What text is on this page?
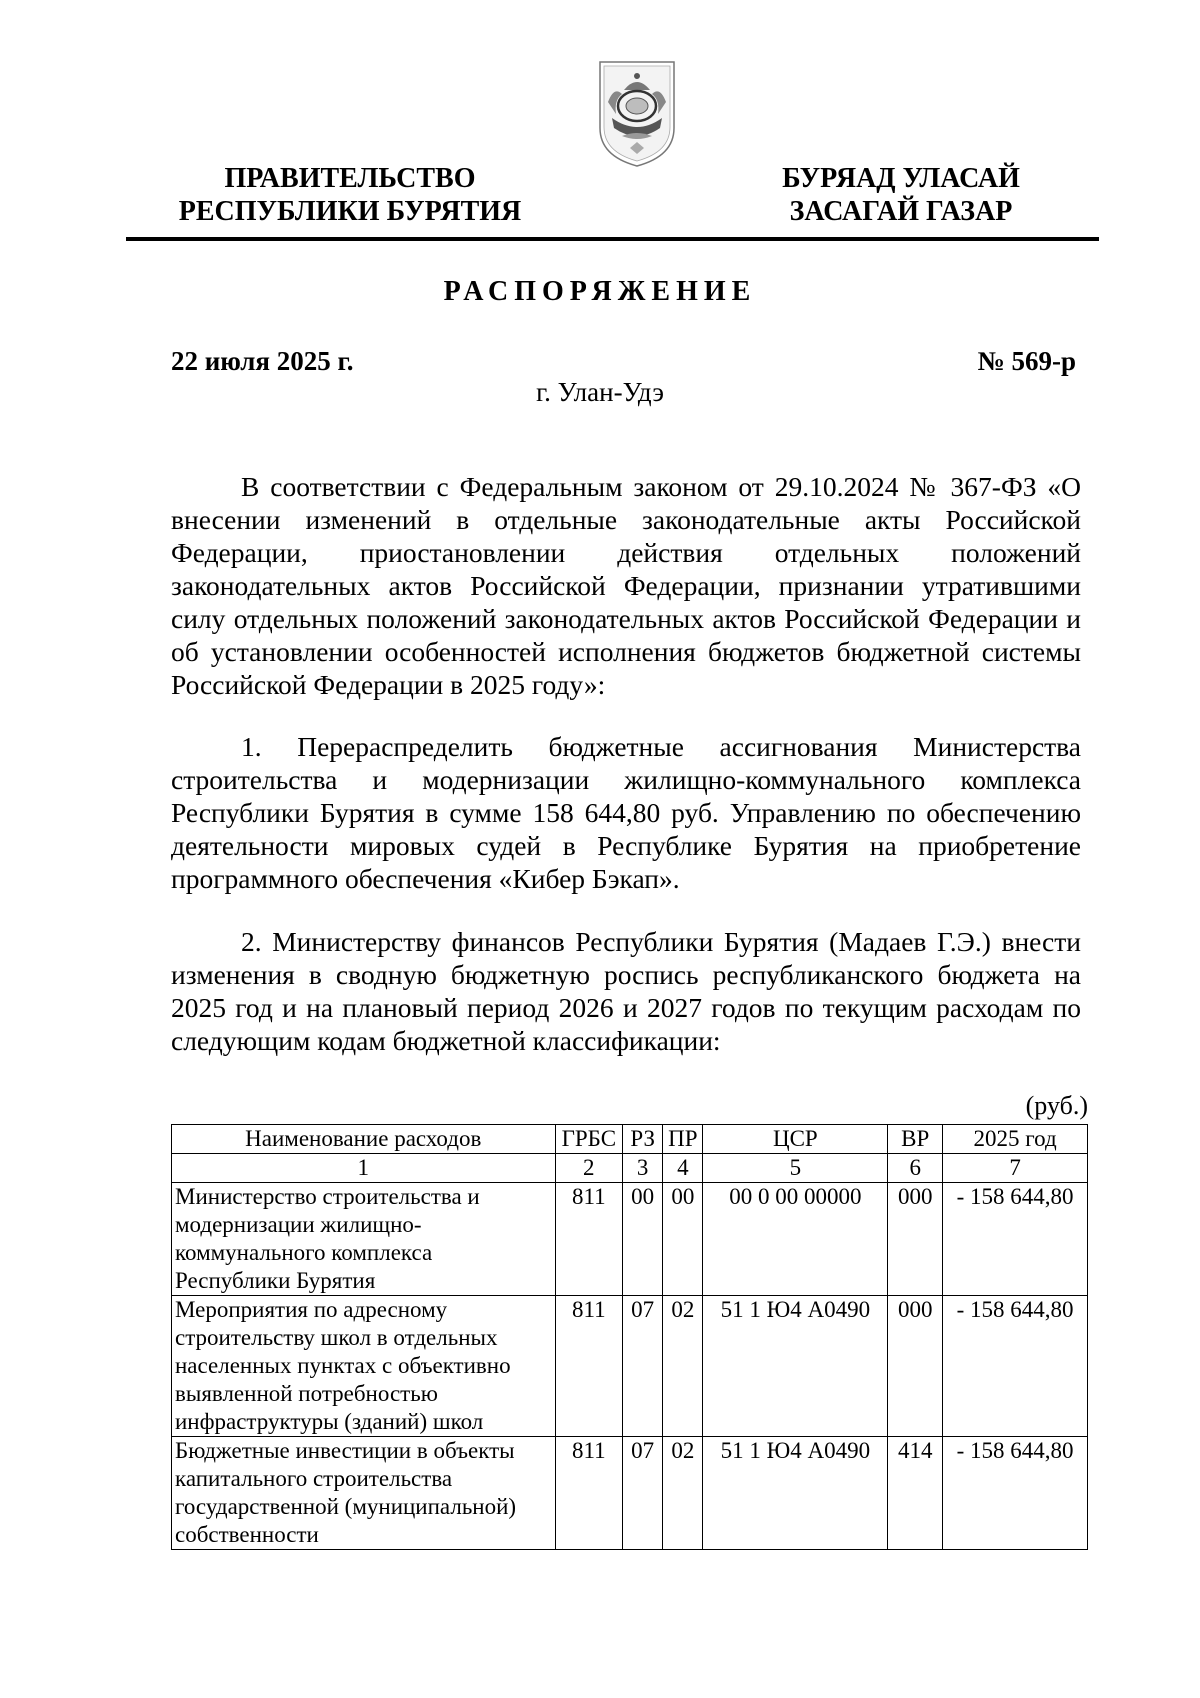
ПРАВИТЕЛЬСТВО
РЕСПУБЛИКИ БУРЯТИЯ
БУРЯАД УЛАСАЙ
ЗАСАГАЙ ГАЗАР
РАСПОРЯЖЕНИЕ
22 июля 2025 г.	№ 569-р
г. Улан-Удэ

В соответствии с Федеральным законом от 29.10.2024 № 367-ФЗ «О внесении изменений в отдельные законодательные акты Российской Федерации, приостановлении действия отдельных положений законодательных актов Российской Федерации, признании утратившими силу отдельных положений законодательных актов Российской Федерации и об установлении особенностей исполнения бюджетов бюджетной системы Российской Федерации в 2025 году»:

1. Перераспределить бюджетные ассигнования Министерства строительства и модернизации жилищно-коммунального комплекса Республики Бурятия в сумме 158 644,80 руб. Управлению по обеспечению деятельности мировых судей в Республике Бурятия на приобретение программного обеспечения «Кибер Бэкап».

2. Министерству финансов Республики Бурятия (Мадаев Г.Э.) внести изменения в сводную бюджетную роспись республиканского бюджета на 2025 год и на плановый период 2026 и 2027 годов по текущим расходам по следующим кодам бюджетной классификации:

(руб.)
Наименование расходов	ГРБС	РЗ	ПР	ЦСР	ВР	2025 год
1	2	3	4	5	6	7
Министерство строительства и модернизации жилищно-коммунального комплекса Республики Бурятия	811	00	00	00 0 00 00000	000	- 158 644,80
Мероприятия по адресному строительству школ в отдельных населенных пунктах с объективно выявленной потребностью инфраструктуры (зданий) школ	811	07	02	51 1 Ю4 А0490	000	- 158 644,80
Бюджетные инвестиции в объекты капитального строительства государственной (муниципальной) собственности	811	07	02	51 1 Ю4 А0490	414	- 158 644,80
